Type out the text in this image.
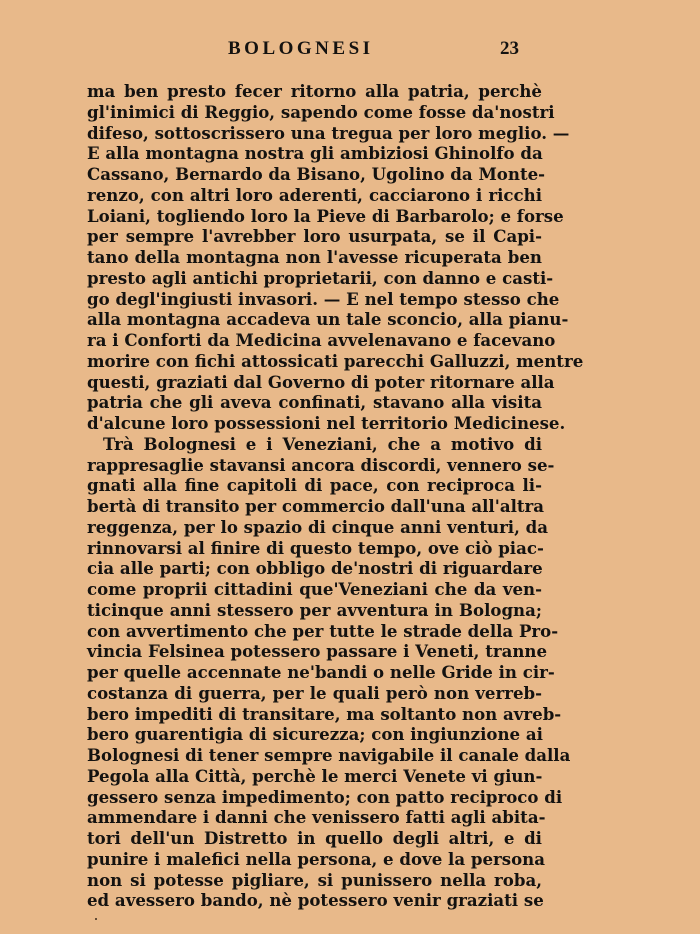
BOLOGNESI	23
ma ben presto fecer ritorno alla patria, perchè
gl'inimici di Reggio, sapendo come fosse da'nostri
difeso, sottoscrissero una tregua per loro meglio. —
E alla montagna nostra gli ambiziosi Ghinolfo da
Cassano, Bernardo da Bisano, Ugolino da Monte-
renzo, con altri loro aderenti, cacciarono i ricchi
Loiani, togliendo loro la Pieve di Barbarolo; e forse
per sempre l'avrebber loro usurpata, se il Capi-
tano della montagna non l'avesse ricuperata ben
presto agli antichi proprietarii, con danno e casti-
go degl'ingiusti invasori. — E nel tempo stesso che
alla montagna accadeva un tale sconcio, alla pianu-
ra i Conforti da Medicina avvelenavano e facevano
morire con fichi attossicati parecchi Galluzzi, mentre
questi, graziati dal Governo di poter ritornare alla
patria che gli aveva confinati, stavano alla visita
d'alcune loro possessioni nel territorio Medicinese.
Trà Bolognesi e i Veneziani, che a motivo di
rappresaglie stavansi ancora discordi, vennero se-
gnati alla fine capitoli di pace, con reciproca li-
bertà di transito per commercio dall'una all'altra
reggenza, per lo spazio di cinque anni venturi, da
rinnovarsi al finire di questo tempo, ove ciò piac-
cia alle parti; con obbligo de'nostri di riguardare
come proprii cittadini que'Veneziani che da ven-
ticinque anni stessero per avventura in Bologna;
con avvertimento che per tutte le strade della Pro-
vincia Felsinea potessero passare i Veneti, tranne
per quelle accennate ne'bandi o nelle Gride in cir-
costanza di guerra, per le quali però non verreb-
bero impediti di transitare, ma soltanto non avreb-
bero guarentigia di sicurezza; con ingiunzione ai
Bolognesi di tener sempre navigabile il canale dalla
Pegola alla Città, perchè le merci Venete vi giun-
gessero senza impedimento; con patto reciproco di
ammendare i danni che venissero fatti agli abita-
tori dell'un Distretto in quello degli altri, e di
punire i malefici nella persona, e dove la persona
non si potesse pigliare, si punissero nella roba,
ed avessero bando, nè potessero venir graziati se
